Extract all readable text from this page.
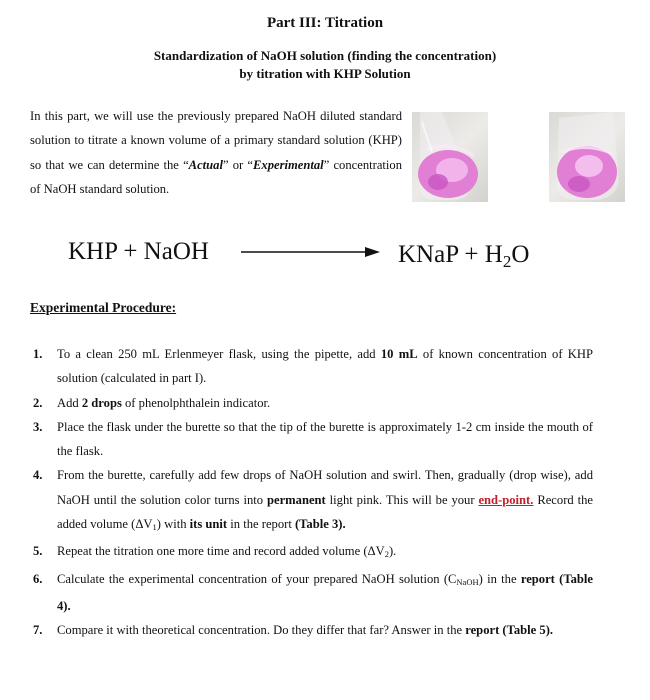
Part III: Titration
Standardization of NaOH solution (finding the concentration)
by titration with KHP Solution
In this part, we will use the previously prepared NaOH diluted standard solution to titrate a known volume of a primary standard solution (KHP) so that we can determine the “Actual” or “Experimental” concentration of NaOH standard solution.
KHP + NaOH	KNaP + $H_2O$
Experimental Procedure:
1. To a clean 250 mL Erlenmeyer flask, using the pipette, add 10 mL of known concentration of KHP solution (calculated in part I).
2. Add 2 drops of phenolphthalein indicator.
3. Place the flask under the burette so that the tip of the burette is approximately 1-2 cm inside the mouth of the flask.
4. From the burette, carefully add few drops of NaOH solution and swirl. Then, gradually (drop wise), add NaOH until the solution color turns into permanent light pink. This will be your end-point. Record the added volume (ΔV1) with its unit in the report (Table 3).
5. Repeat the titration one more time and record added volume (ΔV2).
6. Calculate the experimental concentration of your prepared NaOH solution (CNaOH) in the report (Table 4).
7. Compare it with theoretical concentration. Do they differ that far? Answer in the report (Table 5).
